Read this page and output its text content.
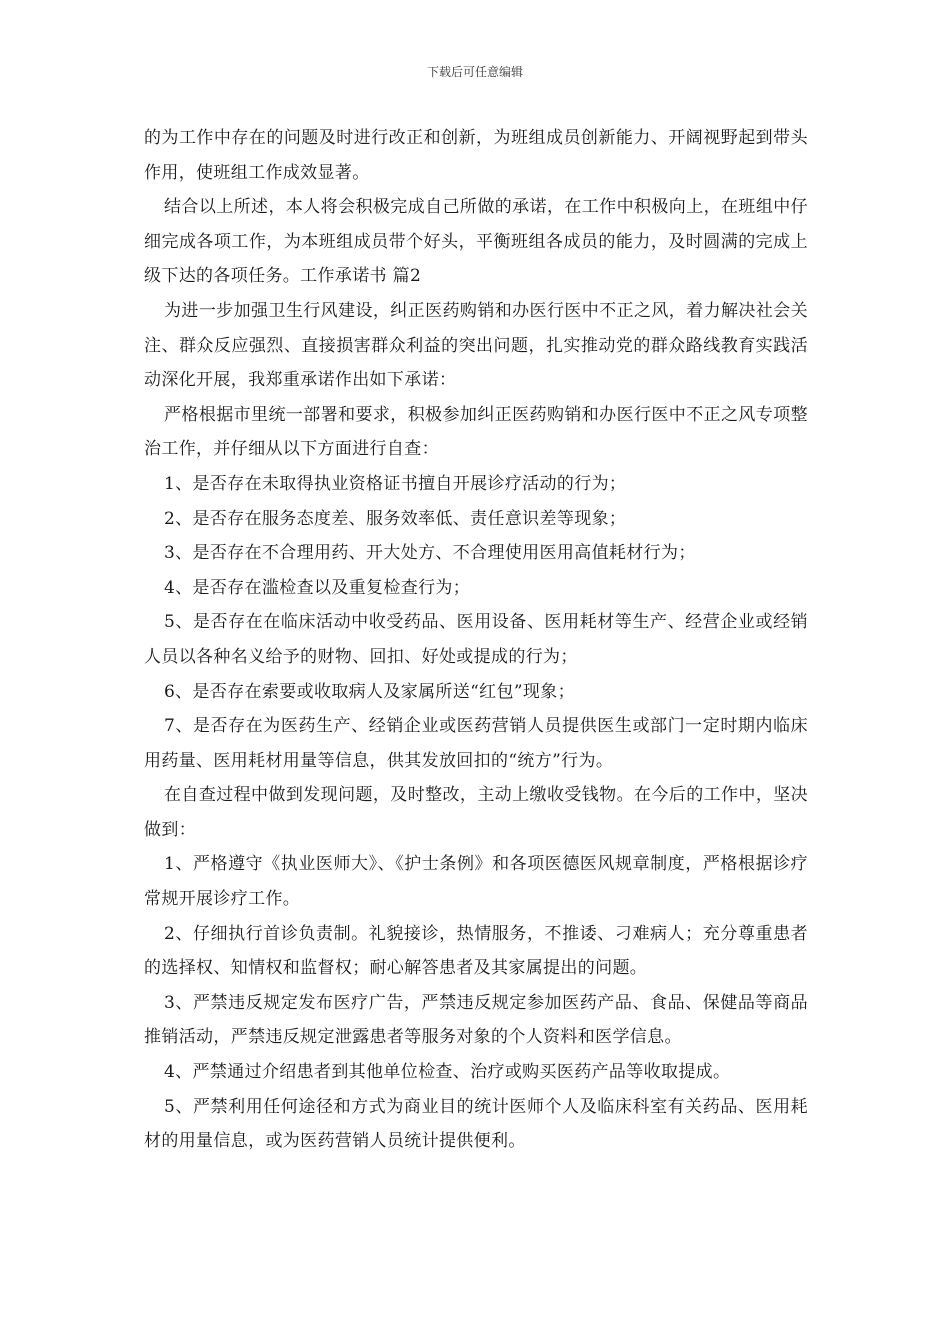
下载后可任意编辑

的为工作中存在的问题及时进行改正和创新，为班组成员创新能力、开阔视野起到带头作用，使班组工作成效显著。

结合以上所述，本人将会积极完成自己所做的承诺，在工作中积极向上，在班组中仔细完成各项工作，为本班组成员带个好头，平衡班组各成员的能力，及时圆满的完成上级下达的各项任务。工作承诺书 篇2

为进一步加强卫生行风建设，纠正医药购销和办医行医中不正之风，着力解决社会关注、群众反应强烈、直接损害群众利益的突出问题，扎实推动党的群众路线教育实践活动深化开展，我郑重承诺作出如下承诺：

严格根据市里统一部署和要求，积极参加纠正医药购销和办医行医中不正之风专项整治工作，并仔细从以下方面进行自查：

1、是否存在未取得执业资格证书擅自开展诊疗活动的行为；

2、是否存在服务态度差、服务效率低、责任意识差等现象；

3、是否存在不合理用药、开大处方、不合理使用医用高值耗材行为；

4、是否存在滥检查以及重复检查行为；

5、是否存在在临床活动中收受药品、医用设备、医用耗材等生产、经营企业或经销人员以各种名义给予的财物、回扣、好处或提成的行为；

6、是否存在索要或收取病人及家属所送“红包”现象；

7、是否存在为医药生产、经销企业或医药营销人员提供医生或部门一定时期内临床用药量、医用耗材用量等信息，供其发放回扣的“统方”行为。

在自查过程中做到发现问题，及时整改，主动上缴收受钱物。在今后的工作中，坚决做到：

1、严格遵守《执业医师大》、《护士条例》和各项医德医风规章制度，严格根据诊疗常规开展诊疗工作。

2、仔细执行首诊负责制。礼貌接诊，热情服务，不推诿、刁难病人；充分尊重患者的选择权、知情权和监督权；耐心解答患者及其家属提出的问题。

3、严禁违反规定发布医疗广告，严禁违反规定参加医药产品、食品、保健品等商品推销活动，严禁违反规定泄露患者等服务对象的个人资料和医学信息。

4、严禁通过介绍患者到其他单位检查、治疗或购买医药产品等收取提成。

5、严禁利用任何途径和方式为商业目的统计医师个人及临床科室有关药品、医用耗材的用量信息，或为医药营销人员统计提供便利。
